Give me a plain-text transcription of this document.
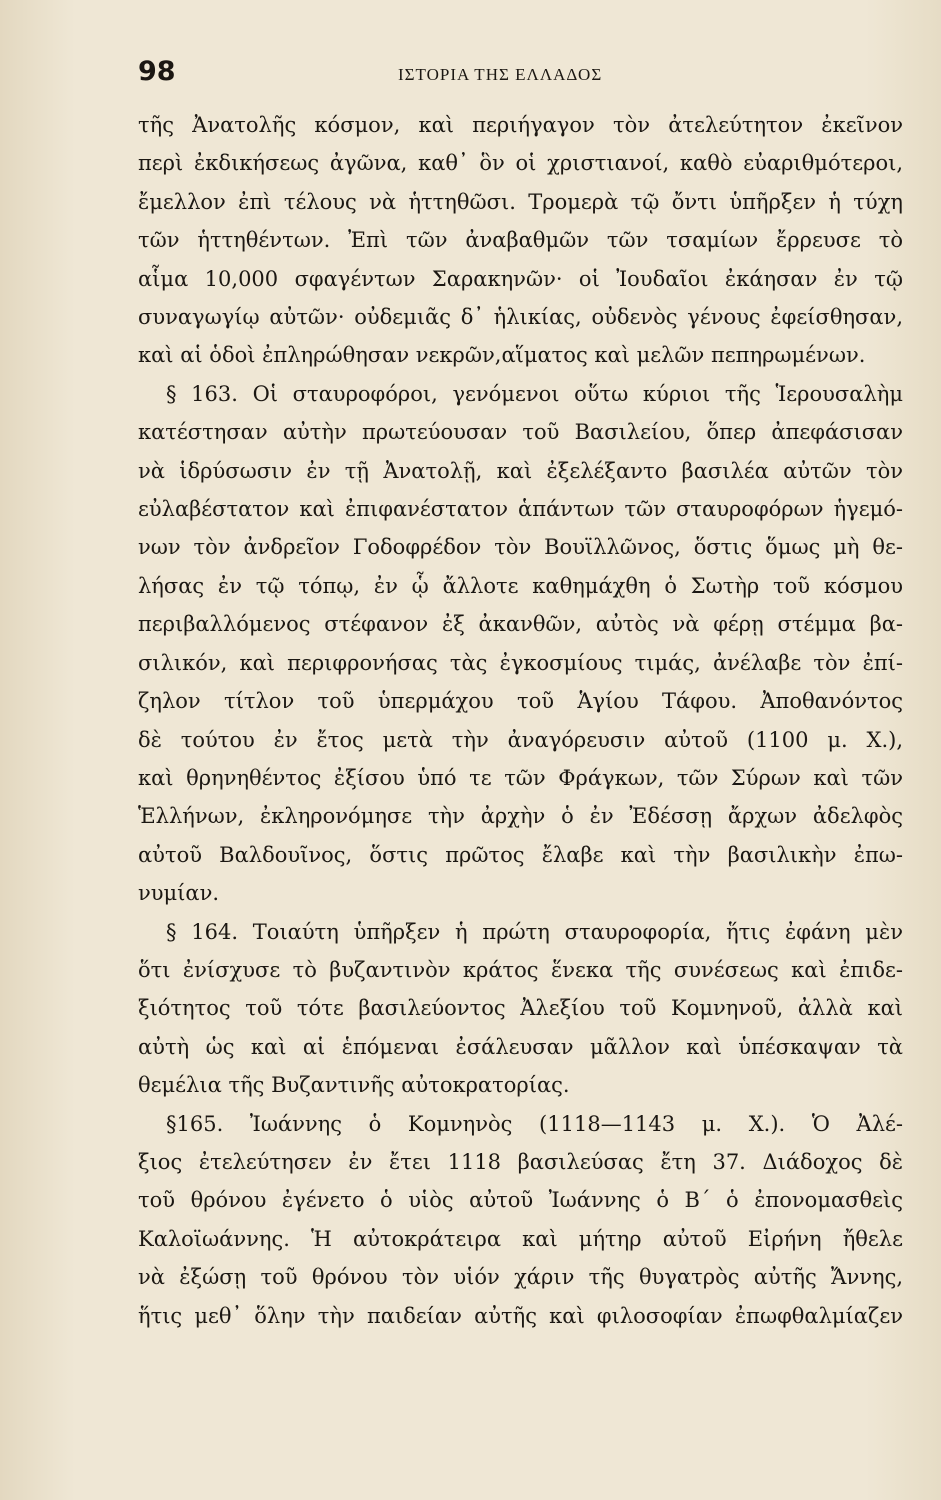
98	ΙΣΤΟΡΙΑ ΤΗΣ ΕΛΛΑΔΟΣ
τῆς Ἀνατολῆς κόσμον, καὶ περιήγαγον τὸν ἀτελεύτητον ἐκεῖνον
περὶ ἐκδικήσεως ἀγῶνα, καθ᾽ ὃν οἱ χριστιανοί, καθὸ εὐαριθμότεροι,
ἔμελλον ἐπὶ τέλους νὰ ἡττηθῶσι. Τρομερὰ τῷ ὄντι ὑπῆρξεν ἡ τύχη
τῶν ἡττηθέντων. Ἐπὶ τῶν ἀναβαθμῶν τῶν τσαμίων ἔρρευσε τὸ
αἷμα 10,000 σφαγέντων Σαρακηνῶν· οἱ Ἰουδαῖοι ἐκάησαν ἐν τῷ
συναγωγίῳ αὐτῶν· οὐδεμιᾶς δ᾽ ἡλικίας, οὐδενὸς γένους ἐφείσθησαν,
καὶ αἱ ὁδοὶ ἐπληρώθησαν νεκρῶν,αἵματος καὶ μελῶν πεπηρωμένων.
§ 163. Οἱ σταυροφόροι, γενόμενοι οὕτω κύριοι τῆς Ἱερουσαλὴμ
κατέστησαν αὐτὴν πρωτεύουσαν τοῦ Βασιλείου, ὅπερ ἀπεφάσισαν
νὰ ἱδρύσωσιν ἐν τῇ Ἀνατολῇ, καὶ ἐξελέξαντο βασιλέα αὐτῶν τὸν
εὐλαβέστατον καὶ ἐπιφανέστατον ἁπάντων τῶν σταυροφόρων ἡγεμό-
νων τὸν ἀνδρεῖον Γοδοφρέδον τὸν Βουϊλλῶνος, ὅστις ὅμως μὴ θε-
λήσας ἐν τῷ τόπῳ, ἐν ᾧ ἄλλοτε καθημάχθη ὁ Σωτὴρ τοῦ κόσμου
περιβαλλόμενος στέφανον ἐξ ἀκανθῶν, αὐτὸς νὰ φέρῃ στέμμα βα-
σιλικόν, καὶ περιφρονήσας τὰς ἐγκοσμίους τιμάς, ἀνέλαβε τὸν ἐπί-
ζηλον τίτλον τοῦ ὑπερμάχου τοῦ Ἁγίου Τάφου. Ἀποθανόντος
δὲ τούτου ἐν ἔτος μετὰ τὴν ἀναγόρευσιν αὐτοῦ (1100 μ. Χ.),
καὶ θρηνηθέντος ἐξίσου ὑπό τε τῶν Φράγκων, τῶν Σύρων καὶ τῶν
Ἑλλήνων, ἐκληρονόμησε τὴν ἀρχὴν ὁ ἐν Ἐδέσσῃ ἄρχων ἀδελφὸς
αὐτοῦ Βαλδουῖνος, ὅστις πρῶτος ἔλαβε καὶ τὴν βασιλικὴν ἐπω-
νυμίαν.
§ 164. Τοιαύτη ὑπῆρξεν ἡ πρώτη σταυροφορία, ἥτις ἐφάνη μὲν
ὅτι ἐνίσχυσε τὸ βυζαντινὸν κράτος ἕνεκα τῆς συνέσεως καὶ ἐπιδε-
ξιότητος τοῦ τότε βασιλεύοντος Ἀλεξίου τοῦ Κομνηνοῦ, ἀλλὰ καὶ
αὐτὴ ὡς καὶ αἱ ἑπόμεναι ἐσάλευσαν μᾶλλον καὶ ὑπέσκαψαν τὰ
θεμέλια τῆς Βυζαντινῆς αὐτοκρατορίας.
§165. Ἰωάννης ὁ Κομνηνὸς (1118—1143 μ. Χ.). Ὁ Ἀλέ-
ξιος ἐτελεύτησεν ἐν ἔτει 1118 βασιλεύσας ἔτη 37. Διάδοχος δὲ
τοῦ θρόνου ἐγένετο ὁ υἱὸς αὐτοῦ Ἰωάννης ὁ Β΄ ὁ ἐπονομασθεὶς
Καλοϊωάννης. Ἡ αὐτοκράτειρα καὶ μήτηρ αὐτοῦ Εἰρήνη ἤθελε
νὰ ἐξώσῃ τοῦ θρόνου τὸν υἱόν χάριν τῆς θυγατρὸς αὐτῆς Ἄννης,
ἥτις μεθ᾽ ὅλην τὴν παιδείαν αὐτῆς καὶ φιλοσοφίαν ἐπωφθαλμίαζεν
